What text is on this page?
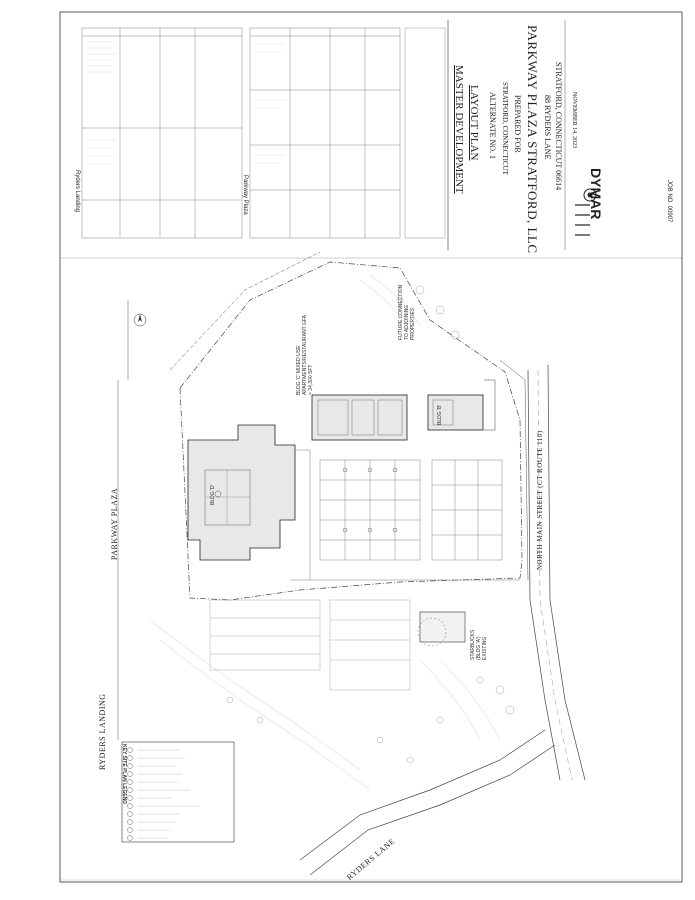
MASTER DEVELOPMENT LAYOUT PLAN ALTERNATE NO. 1 STRATFORD, CONNECTICUT PREPARED FOR PARKWAY PLAZA STRATFORD, LLC 88 RYDERS LANE STRATFORD, CONNECTICUT 06614 NOVEMBER 14, 2023
JOB NO. 00907
DYMAR
Ryders Landing	Parkway Plaza
PARKWAY PLAZA
RYDERS LANDING
RYDERS LANE
NORTH MAIN STREET (CT ROUTE 110)
BLDG 'C' MIXED USE APARTMENTS/RESTAURANT GFA = 34,300 SFT
FUTURE CONNECTION TO ADJOINING PROPERTIES
STARBUCKS (BLDG 'A') EXISTING
BLDG 'B'
BLDG 'D'
KEY SITE PLAN LEGEND
